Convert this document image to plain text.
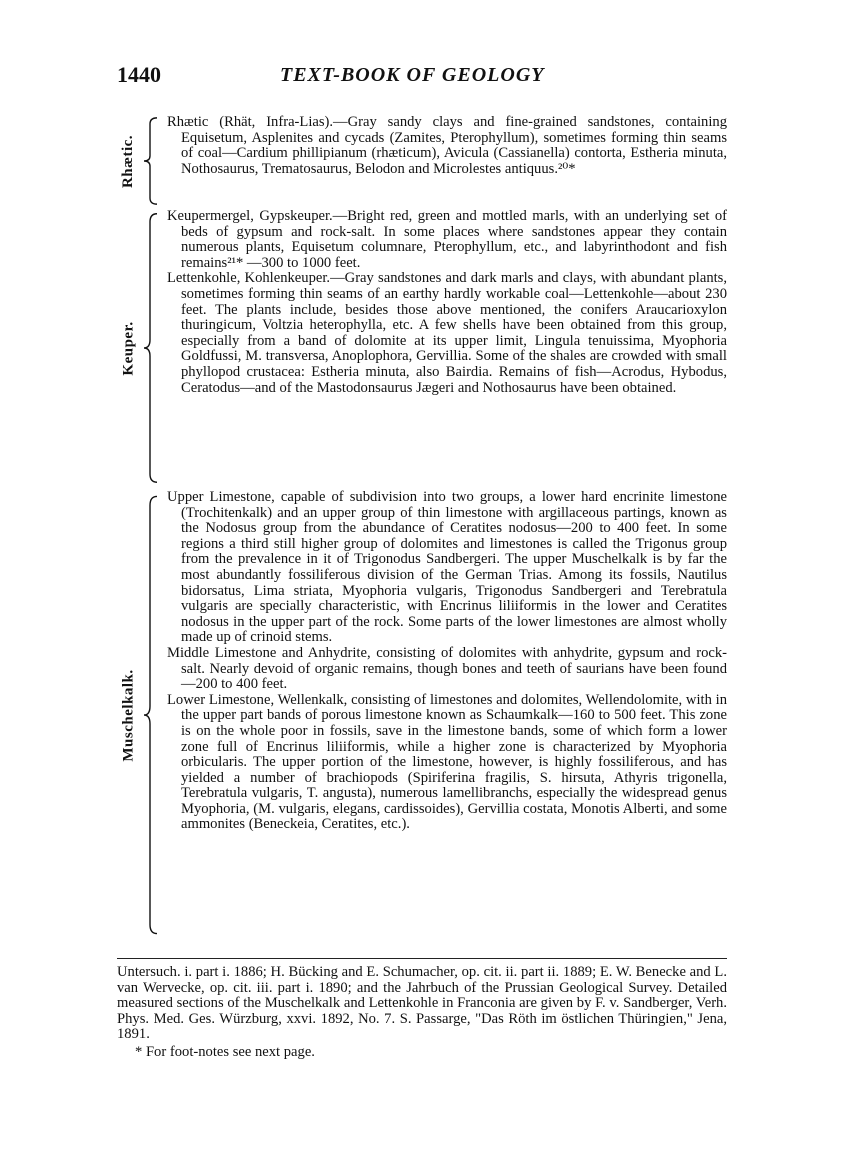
1440	TEXT-BOOK OF GEOLOGY
Rhætic.

Rhætic (Rhät, Infra-Lias).—Gray sandy clays and fine-grained sandstones, containing Equisetum, Asplenites and cycads (Zamites, Pterophyllum), sometimes forming thin seams of coal—Cardium phillipianum (rhæticum), Avicula (Cassianella) contorta, Estheria minuta, Nothosaurus, Trematosaurus, Belodon and Microlestes antiquus.²⁰*

Keuper.

Keupermergel, Gypskeuper.—Bright red, green and mottled marls, with an underlying set of beds of gypsum and rock-salt. In some places where sandstones appear they contain numerous plants, Equisetum columnare, Pterophyllum, etc., and labyrinthodont and fish remains²¹* —300 to 1000 feet.

Lettenkohle, Kohlenkeuper.—Gray sandstones and dark marls and clays, with abundant plants, sometimes forming thin seams of an earthy hardly workable coal—Lettenkohle—about 230 feet. The plants include, besides those above mentioned, the conifers Araucarioxylon thuringicum, Voltzia heterophylla, etc. A few shells have been obtained from this group, especially from a band of dolomite at its upper limit, Lingula tenuissima, Myophoria Goldfussi, M. transversa, Anoplophora, Gervillia. Some of the shales are crowded with small phyllopod crustacea: Estheria minuta, also Bairdia. Remains of fish—Acrodus, Hybodus, Ceratodus—and of the Mastodonsaurus Jægeri and Nothosaurus have been obtained.

Muschelkalk.

Upper Limestone, capable of subdivision into two groups, a lower hard encrinite limestone (Trochitenkalk) and an upper group of thin limestone with argillaceous partings, known as the Nodosus group from the abundance of Ceratites nodosus—200 to 400 feet. In some regions a third still higher group of dolomites and limestones is called the Trigonus group from the prevalence in it of Trigonodus Sandbergeri. The upper Muschelkalk is by far the most abundantly fossiliferous division of the German Trias. Among its fossils, Nautilus bidorsatus, Lima striata, Myophoria vulgaris, Trigonodus Sandbergeri and Terebratula vulgaris are specially characteristic, with Encrinus liliiformis in the lower and Ceratites nodosus in the upper part of the rock. Some parts of the lower limestones are almost wholly made up of crinoid stems.

Middle Limestone and Anhydrite, consisting of dolomites with anhydrite, gypsum and rock-salt. Nearly devoid of organic remains, though bones and teeth of saurians have been found—200 to 400 feet.

Lower Limestone, Wellenkalk, consisting of limestones and dolomites, Wellendolomite, with in the upper part bands of porous limestone known as Schaumkalk—160 to 500 feet. This zone is on the whole poor in fossils, save in the limestone bands, some of which form a lower zone full of Encrinus liliiformis, while a higher zone is characterized by Myophoria orbicularis. The upper portion of the limestone, however, is highly fossiliferous, and has yielded a number of brachiopods (Spiriferina fragilis, S. hirsuta, Athyris trigonella, Terebratula vulgaris, T. angusta), numerous lamellibranchs, especially the widespread genus Myophoria, (M. vulgaris, elegans, cardissoides), Gervillia costata, Monotis Alberti, and some ammonites (Beneckeia, Ceratites, etc.).

Untersuch. i. part i. 1886; H. Bücking and E. Schumacher, op. cit. ii. part ii. 1889; E. W. Benecke and L. van Wervecke, op. cit. iii. part i. 1890; and the Jahrbuch of the Prussian Geological Survey. Detailed measured sections of the Muschelkalk and Lettenkohle in Franconia are given by F. v. Sandberger, Verh. Phys. Med. Ges. Würzburg, xxvi. 1892, No. 7. S. Passarge, "Das Röth im östlichen Thüringien," Jena, 1891.

* For foot-notes see next page.
